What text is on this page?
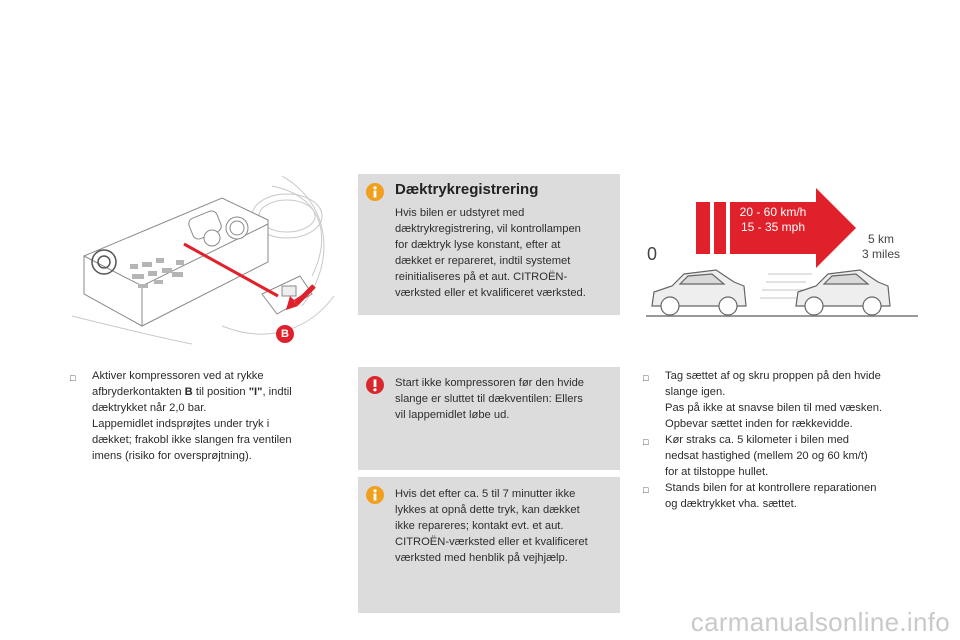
B
□	Aktiver kompressoren ved at rykke
afbryderkontakten B til position "I", indtil
dæktrykket når 2,0 bar.
Lappemidlet indsprøjtes under tryk i
dækket; frakobl ikke slangen fra ventilen
imens (risiko for oversprøjtning).
Dæktrykregistrering
Hvis bilen er udstyret med
dæktrykregistrering, vil kontrollampen
for dæktryk lyse konstant, efter at
dækket er repareret, indtil systemet
reinitialiseres på et aut. CITROËN-
værksted eller et kvalificeret værksted.
Start ikke kompressoren før den hvide
slange er sluttet til dækventilen: Ellers
vil lappemidlet løbe ud.
Hvis det efter ca. 5 til 7 minutter ikke
lykkes at opnå dette tryk, kan dækket
ikke repareres; kontakt evt. et aut.
CITROËN-værksted eller et kvalificeret
værksted med henblik på vejhjælp.
20 - 60 km/h
15 - 35 mph
0
5 km
3 miles
□	Tag sættet af og skru proppen på den hvide
slange igen.
Pas på ikke at snavse bilen til med væsken.
Opbevar sættet inden for rækkevidde.
□	Kør straks ca. 5 kilometer i bilen med
nedsat hastighed (mellem 20 og 60 km/t)
for at tilstoppe hullet.
□	Stands bilen for at kontrollere reparationen
og dæktrykket vha. sættet.
carmanualsonline.info
